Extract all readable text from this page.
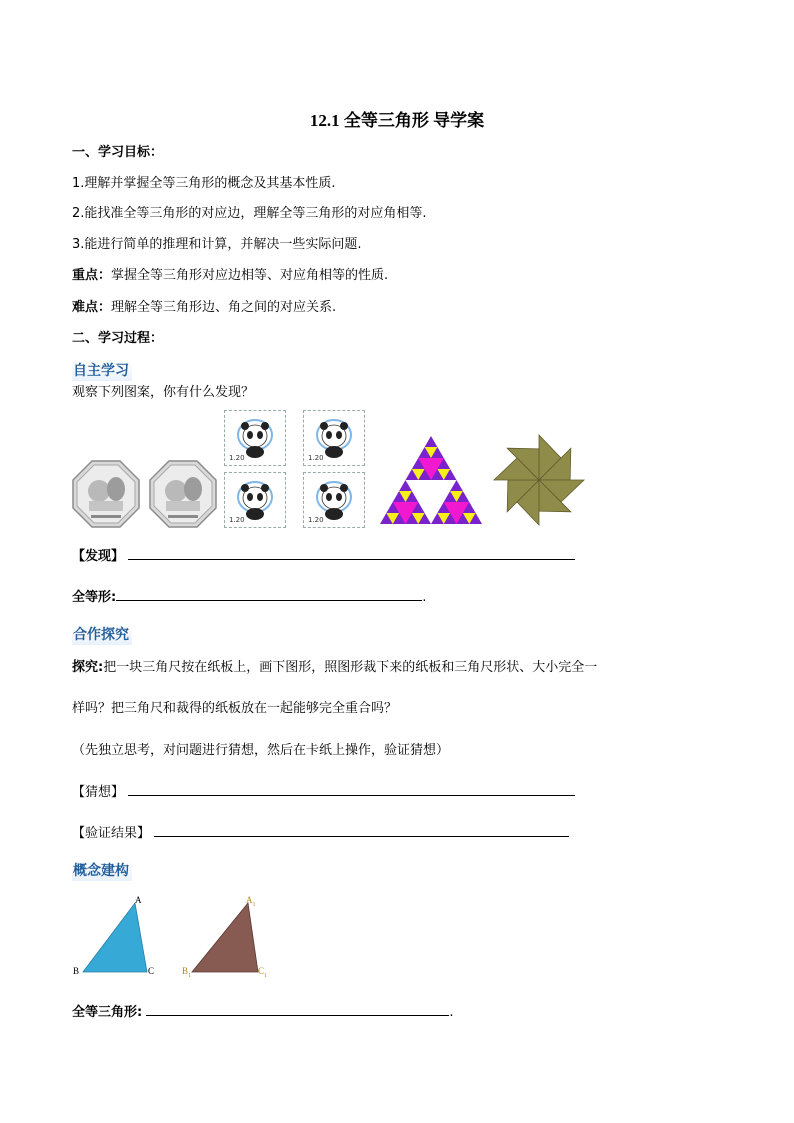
12.1 全等三角形 导学案
一、学习目标：
1.理解并掌握全等三角形的概念及其基本性质.
2.能找准全等三角形的对应边，理解全等三角形的对应角相等.
3.能进行简单的推理和计算，并解决一些实际问题.
重点：掌握全等三角形对应边相等、对应角相等的性质.
难点：理解全等三角形边、角之间的对应关系.
二、学习过程：
自主学习
观察下列图案，你有什么发现？
1.20	1.20
1.20	1.20
【发现】
全等形:	.
合作探究
探究:把一块三角尺按在纸板上，画下图形，照图形裁下来的纸板和三角尺形状、大小完全一
样吗？把三角尺和裁得的纸板放在一起能够完全重合吗？
（先独立思考，对问题进行猜想，然后在卡纸上操作，验证猜想）
【猜想】
【验证结果】
概念建构
A
B	C
$A_1$
$B_1$	$C_1$
全等三角形:	.
